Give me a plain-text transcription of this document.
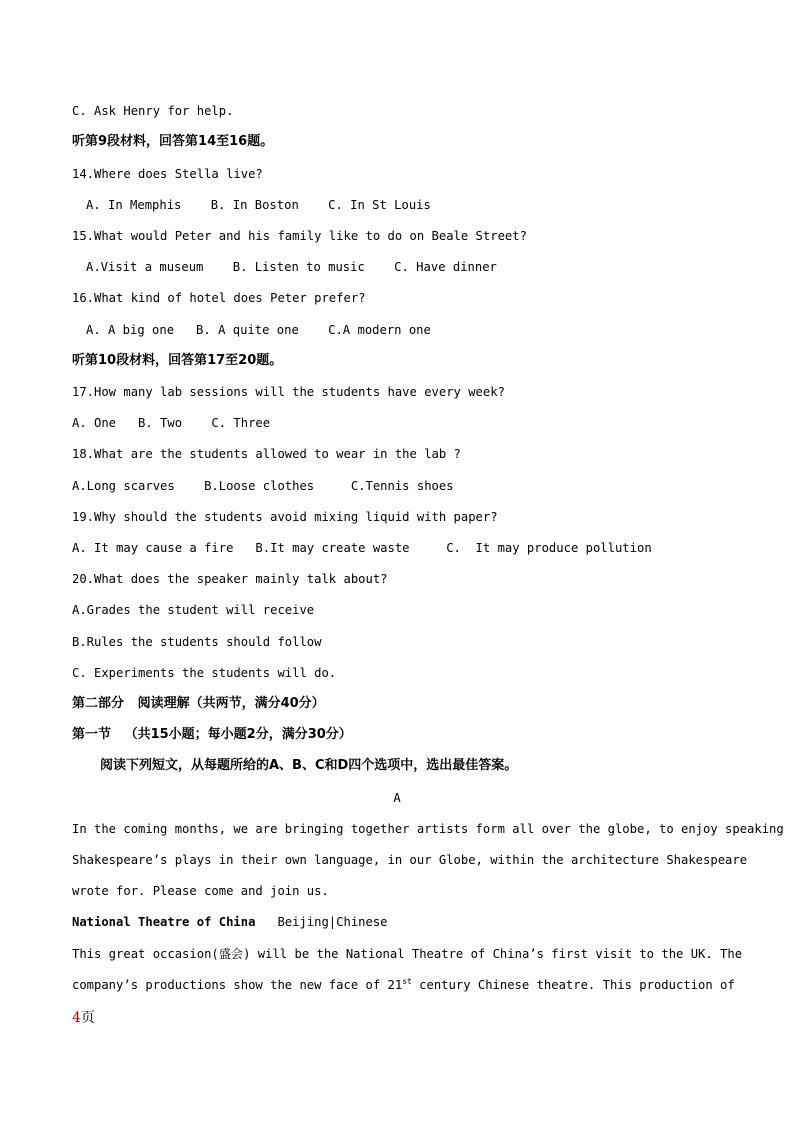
C. Ask Henry for help.
听第9段材料，回答第14至16题。
14.Where does Stella live?
A. In Memphis    B. In Boston    C. In St Louis
15.What would Peter and his family like to do on Beale Street?
A.Visit a museum    B. Listen to music    C. Have dinner
16.What kind of hotel does Peter prefer?
A. A big one   B. A quite one    C.A modern one
听第10段材料，回答第17至20题。
17.How many lab sessions will the students have every week?
A. One   B. Two    C. Three
18.What are the students allowed to wear in the lab ?
A.Long scarves    B.Loose clothes     C.Tennis shoes
19.Why should the students avoid mixing liquid with paper?
A. It may cause a fire   B.It may create waste     C.  It may produce pollution
20.What does the speaker mainly talk about?
A.Grades the student will receive
B.Rules the students should follow
C. Experiments the students will do.
第二部分   阅读理解（共两节，满分40分）
第一节   （共15小题；每小题2分，满分30分）
阅读下列短文，从每题所给的A、B、C和D四个选项中，选出最佳答案。
A
In the coming months, we are bringing together artists form all over the globe, to enjoy speaking
Shakespeare’s plays in their own language, in our Globe, within the architecture Shakespeare
wrote for. Please come and join us.
National Theatre of China   Beijing|Chinese
This great occasion(盛会) will be the National Theatre of China’s first visit to the UK. The
company’s productions show the new face of 21st century Chinese theatre. This production of
4页
